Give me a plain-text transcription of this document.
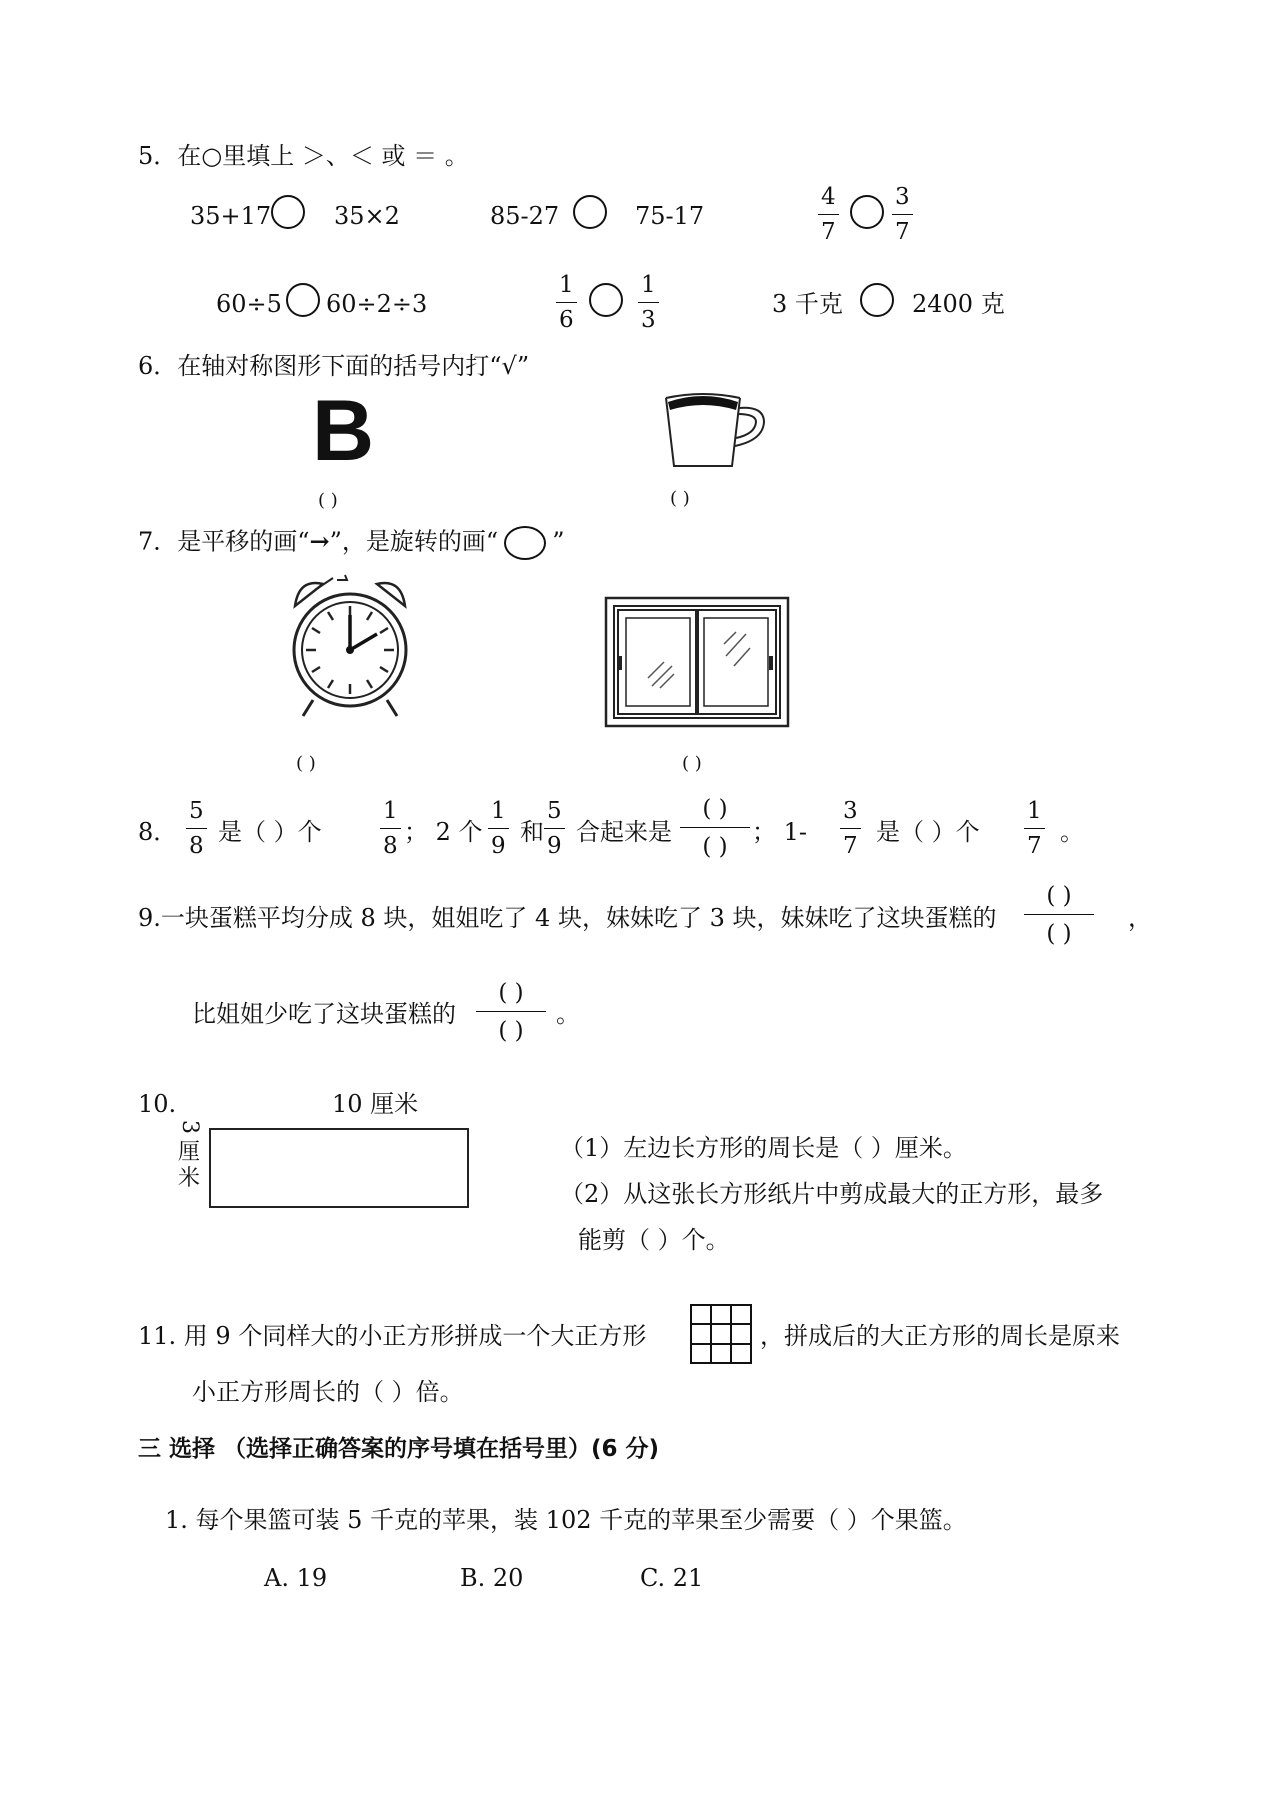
5．在○里填上 ＞、＜ 或 ＝ 。
35+17	35×2	85-27	75-17	$\frac{4}{7} \frac{3}{7}$
60÷5 60÷2÷3	$\frac{1}{6}$	$\frac{1}{3}$	3 千克	2400 克
6．在轴对称图形下面的括号内打“√”
B
( )	( )
7．是平移的画“→”，是旋转的画“ ”
( )	( )
8． $\frac{5}{8}$ 是（ ）个	$\frac{1}{8}$ ； 2 个 $\frac{1}{9}$ 和 $\frac{5}{9}$ 合起来是
( )
( )
； $1- \frac{3}{7}$ 是（ ）个 $\frac{1}{7}$ 。
9.一块蛋糕平均分成 8 块，姐姐吃了 4 块，妹妹吃了 3 块，妹妹吃了这块蛋糕的
( )
( )
，
比姐姐少吃了这块蛋糕的
( )
( )
。
10.	10 厘米
3
厘
米
（1）左边长方形的周长是（ ）厘米。
（2）从这张长方形纸片中剪成最大的正方形，最多
能剪（ ）个。
11. 用 9 个同样大的小正方形拼成一个大正方形	，拼成后的大正方形的周长是原来
小正方形周长的（ ）倍。
三 选择 （选择正确答案的序号填在括号里）(6 分)
1. 每个果篮可装 5 千克的苹果，装 102 千克的苹果至少需要（ ）个果篮。
A. 19	B. 20	C. 21
